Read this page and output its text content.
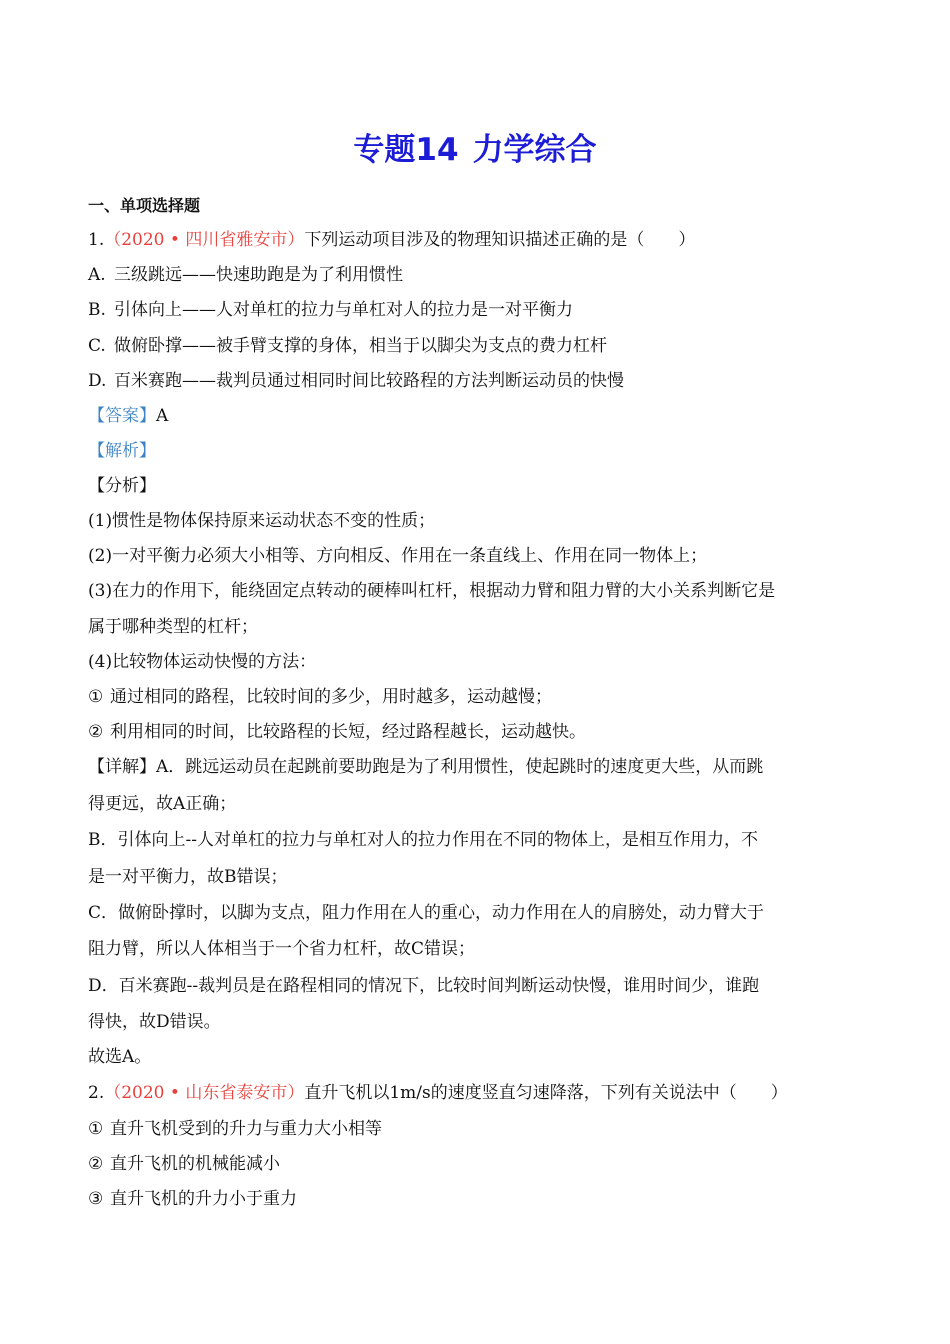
专题14 力学综合
一、单项选择题
1.（2020 • 四川省雅安市）下列运动项目涉及的物理知识描述正确的是（　　）
A. 三级跳远——快速助跑是为了利用惯性
B. 引体向上——人对单杠的拉力与单杠对人的拉力是一对平衡力
C. 做俯卧撑——被手臂支撑的身体，相当于以脚尖为支点的费力杠杆
D. 百米赛跑——裁判员通过相同时间比较路程的方法判断运动员的快慢
【答案】A
【解析】
【分析】
(1)惯性是物体保持原来运动状态不变的性质；
(2)一对平衡力必须大小相等、方向相反、作用在一条直线上、作用在同一物体上；
(3)在力的作用下，能绕固定点转动的硬棒叫杠杆，根据动力臂和阻力臂的大小关系判断它是
属于哪种类型的杠杆；
(4)比较物体运动快慢的方法：
① 通过相同的路程，比较时间的多少，用时越多，运动越慢；
② 利用相同的时间，比较路程的长短，经过路程越长，运动越快。
【详解】A．跳远运动员在起跳前要助跑是为了利用惯性，使起跳时的速度更大些，从而跳
得更远，故A正确；
B．引体向上--人对单杠的拉力与单杠对人的拉力作用在不同的物体上，是相互作用力，不
是一对平衡力，故B错误；
C．做俯卧撑时，以脚为支点，阻力作用在人的重心，动力作用在人的肩膀处，动力臂大于
阻力臂，所以人体相当于一个省力杠杆，故C错误；
D．百米赛跑--裁判员是在路程相同的情况下，比较时间判断运动快慢，谁用时间少，谁跑
得快，故D错误。
故选A。
2.（2020 • 山东省泰安市）直升飞机以1m/s的速度竖直匀速降落，下列有关说法中（　　）
① 直升飞机受到的升力与重力大小相等
② 直升飞机的机械能减小
③ 直升飞机的升力小于重力
